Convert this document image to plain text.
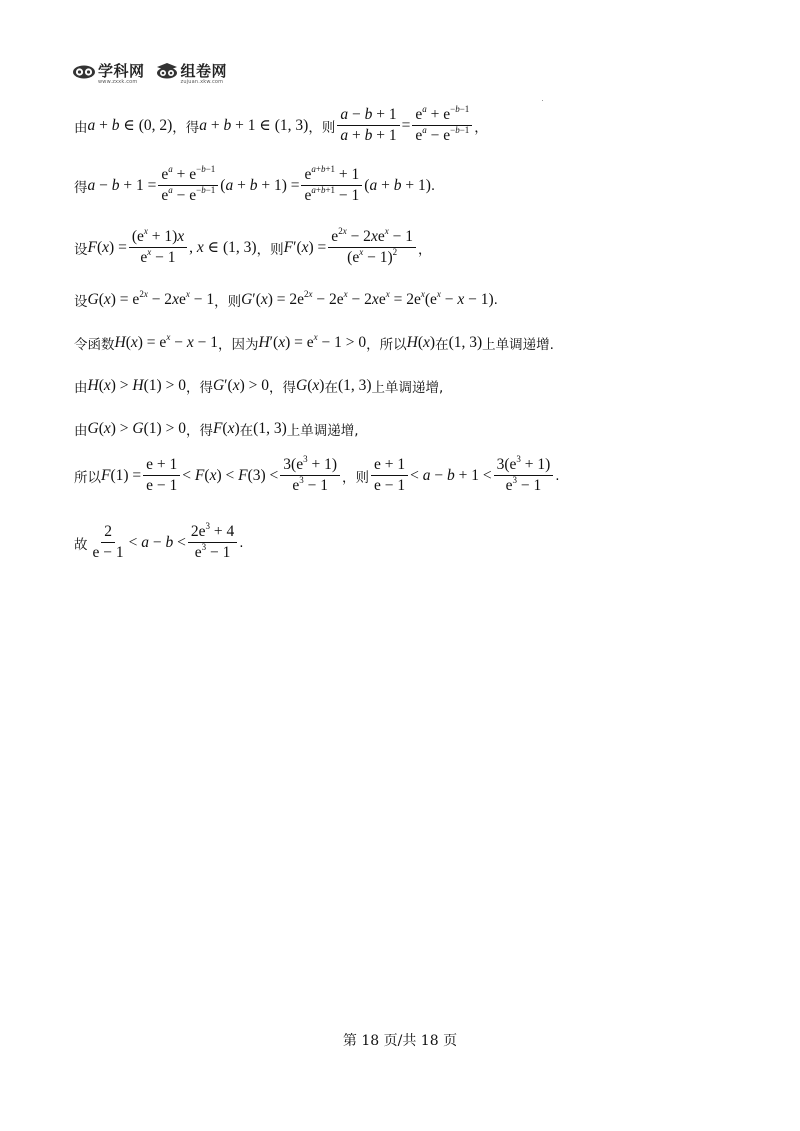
学科网
www.zxxk.com
组卷网
zujuan.xkw.com
由 a + b ∈ (0, 2) ，得 a + b + 1 ∈ (1, 3) ，则 $\frac{a - b + 1}{a + b + 1} = \frac{e^a + e^{-b-1}}{e^a - e^{-b-1}}$ ，
得 $a - b + 1 = \frac{e^a + e^{-b-1}}{e^a - e^{-b-1}} (a + b + 1) = \frac{e^{a+b+1} + 1}{e^{a+b+1} - 1} (a + b + 1)$ .
设 $F(x) = \frac{(e^x + 1)x}{e^x - 1}$ , x ∈ (1, 3) ，则 $F'(x) = \frac{e^{2x} - 2xe^x - 1}{(e^x - 1)^2}$ ，
设 $G(x) = e^{2x} - 2xe^x - 1$ ，则 $G'(x) = 2e^{2x} - 2e^x - 2xe^x = 2e^x(e^x - x - 1)$ .
令函数 $H(x) = e^x - x - 1$ ，因为 $H'(x) = e^x - 1 > 0$ ，所以 H(x) 在 (1, 3) 上单调递增.
由 H(x) > H(1) > 0 ，得 G′(x) > 0 ，得 G(x) 在 (1, 3) 上单调递增,
由 G(x) > G(1) > 0 ，得 F(x) 在 (1, 3) 上单调递增,
所以 $F(1) = \frac{e + 1}{e - 1} < F(x) < F(3) < \frac{3(e^3 + 1)}{e^3 - 1}$ ，则 $\frac{e + 1}{e - 1} < a - b + 1 < \frac{3(e^3 + 1)}{e^3 - 1}$ .
故 $\frac{2}{e - 1} < a - b < \frac{2e^3 + 4}{e^3 - 1}$ .
第 18 页/共 18 页
